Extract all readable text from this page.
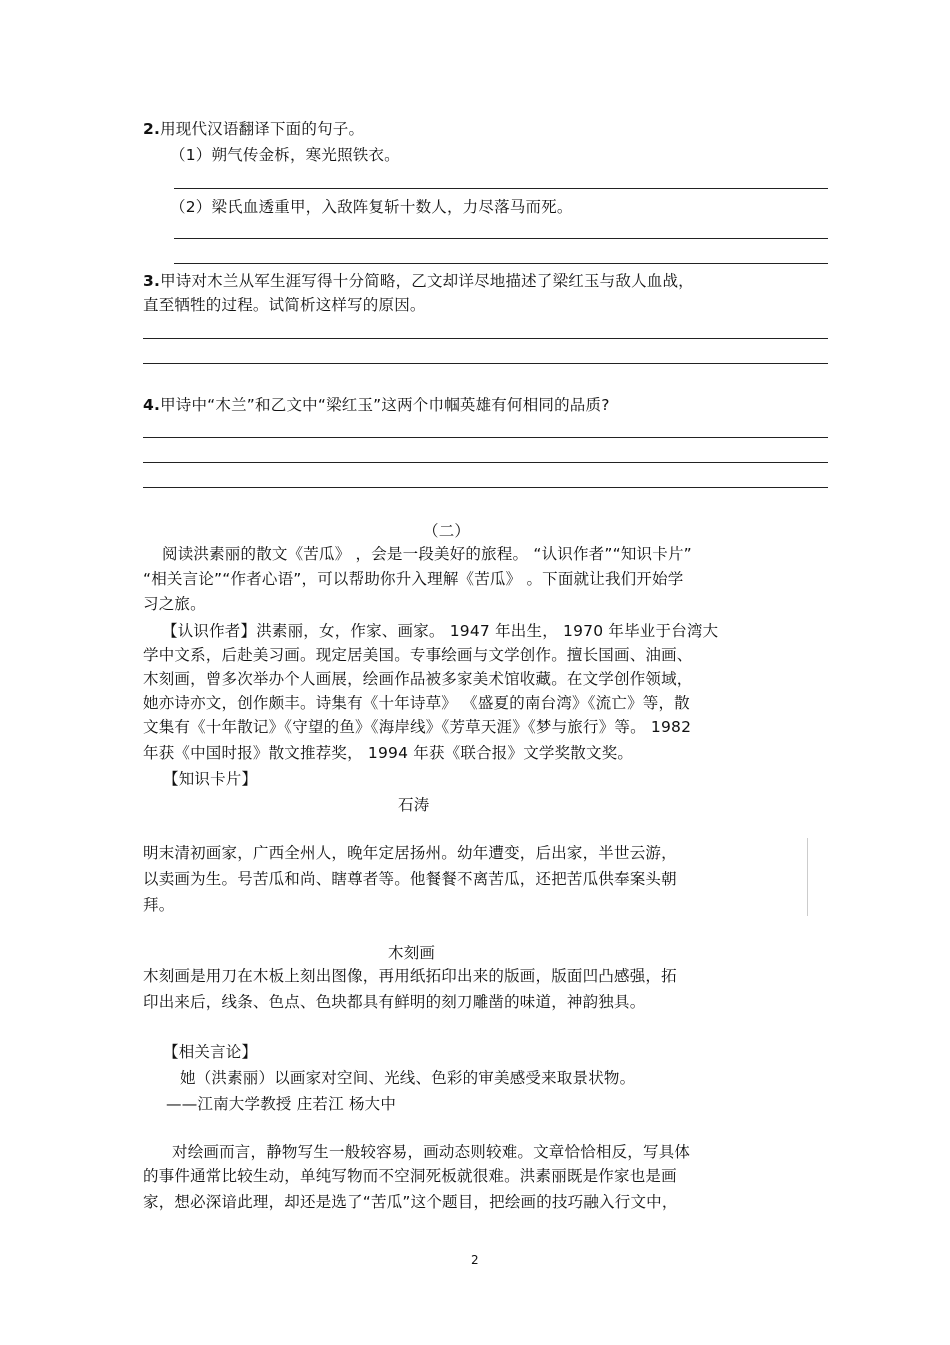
2.用现代汉语翻译下面的句子。
（1）朔气传金柝，寒光照铁衣。
（2）梁氏血透重甲，入敌阵复斩十数人，力尽落马而死。
3.甲诗对木兰从军生涯写得十分简略，乙文却详尽地描述了梁红玉与敌人血战，
直至牺牲的过程。试简析这样写的原因。
4.甲诗中“木兰”和乙文中“梁红玉”这两个巾帼英雄有何相同的品质?
（二）
阅读洪素丽的散文《苦瓜》 ，会是一段美好的旅程。 “认识作者”“知识卡片”
“相关言论”“作者心语”，可以帮助你升入理解《苦瓜》 。下面就让我们开始学
习之旅。
【认识作者】洪素丽，女，作家、画家。 1947 年出生， 1970 年毕业于台湾大
学中文系，后赴美习画。现定居美国。专事绘画与文学创作。擅长国画、油画、
木刻画，曾多次举办个人画展，绘画作品被多家美术馆收藏。在文学创作领域，
她亦诗亦文，创作颇丰。诗集有《十年诗草》 《盛夏的南台湾》《流亡》等，散
文集有《十年散记》《守望的鱼》《海岸线》《芳草天涯》《梦与旅行》等。 1982
年获《中国时报》散文推荐奖， 1994 年获《联合报》文学奖散文奖。
【知识卡片】
石涛
明末清初画家，广西全州人，晚年定居扬州。幼年遭变，后出家，半世云游，
以卖画为生。号苦瓜和尚、瞎尊者等。他餐餐不离苦瓜，还把苦瓜供奉案头朝
拜。
木刻画
木刻画是用刀在木板上刻出图像，再用纸拓印出来的版画，版面凹凸感强，拓
印出来后，线条、色点、色块都具有鲜明的刻刀雕凿的味道，神韵独具。
【相关言论】
她（洪素丽）以画家对空间、光线、色彩的审美感受来取景状物。
——江南大学教授 庄若江 杨大中
对绘画而言，静物写生一般较容易，画动态则较难。文章恰恰相反，写具体
的事件通常比较生动，单纯写物而不空洞死板就很难。洪素丽既是作家也是画
家，想必深谙此理，却还是选了“苦瓜”这个题目，把绘画的技巧融入行文中，
2
